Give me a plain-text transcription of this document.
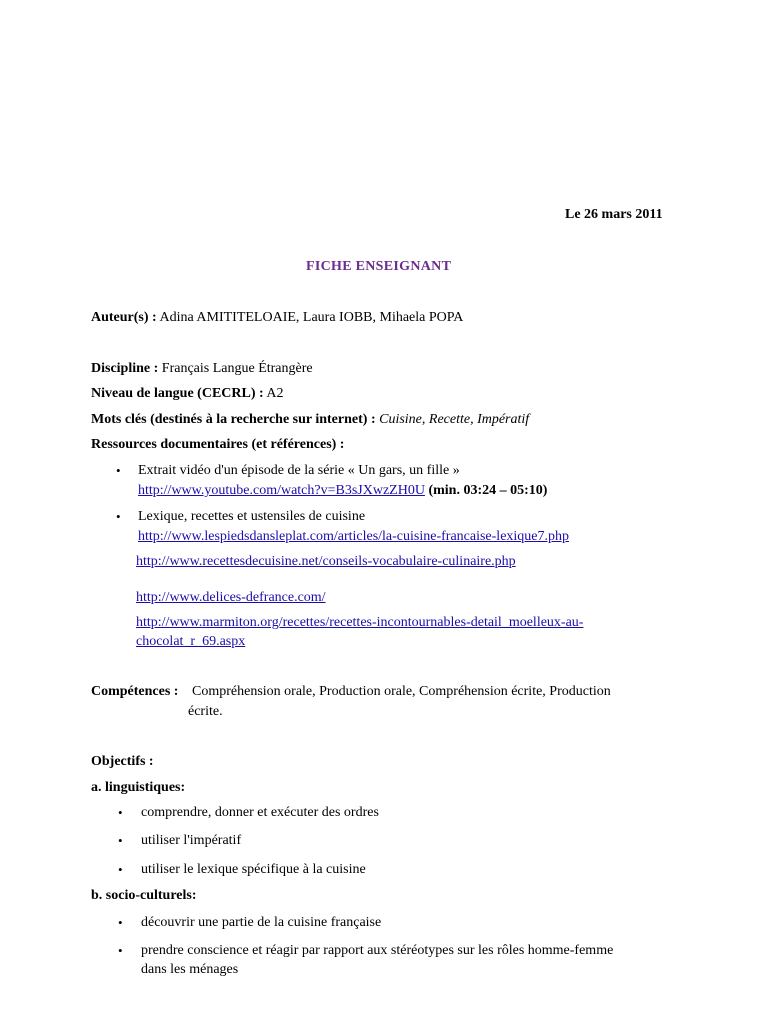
Le 26 mars 2011
FICHE ENSEIGNANT
Auteur(s) : Adina AMITITELOAIE, Laura IOBB, Mihaela POPA
Discipline : Français Langue Étrangère
Niveau de langue (CECRL) : A2
Mots clés (destinés à la recherche sur internet) : Cuisine, Recette, Impératif
Ressources documentaires (et références) :
• Extrait vidéo d'un épisode de la série « Un gars, un fille »
http://www.youtube.com/watch?v=B3sJXwzZH0U (min. 03:24 – 05:10)
• Lexique, recettes et ustensiles de cuisine
http://www.lespiedsdansleplat.com/articles/la-cuisine-francaise-lexique7.php
http://www.recettesdecuisine.net/conseils-vocabulaire-culinaire.php
http://www.delices-defrance.com/
http://www.marmiton.org/recettes/recettes-incontournables-detail_moelleux-au-
chocolat_r_69.aspx
Compétences : Compréhension orale, Production orale, Compréhension écrite, Production
écrite.
Objectifs :
a. linguistiques:
• comprendre, donner et exécuter des ordres
• utiliser l'impératif
• utiliser le lexique spécifique à la cuisine
b. socio-culturels:
• découvrir une partie de la cuisine française
• prendre conscience et réagir par rapport aux stéréotypes sur les rôles homme-femme
dans les ménages
